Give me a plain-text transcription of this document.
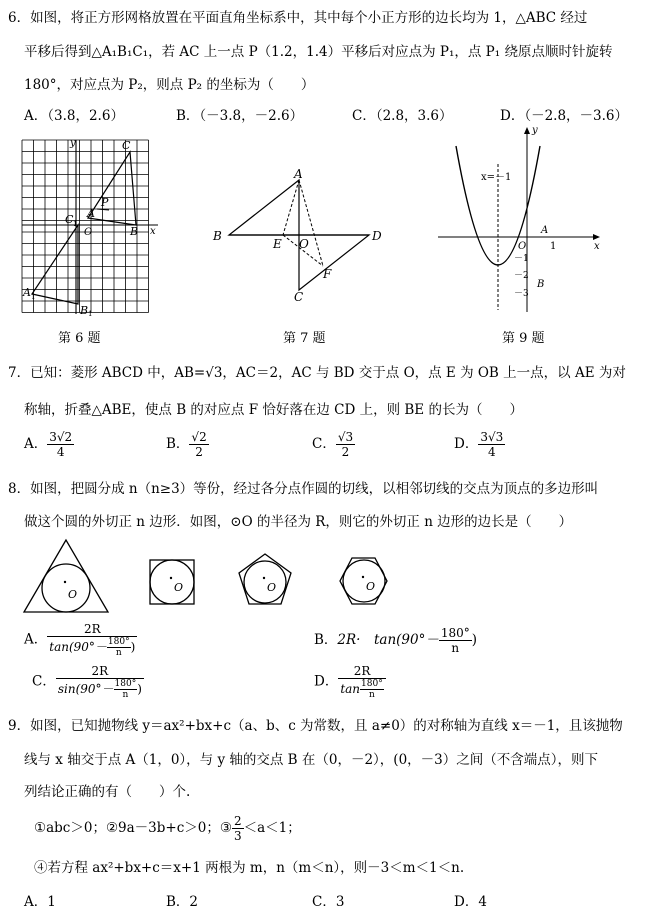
6．如图，将正方形网格放置在平面直角坐标系中，其中每个小正方形的边长均为 1，△ABC 经过
平移后得到△A₁B₁C₁，若 AC 上一点 P（1.2，1.4）平移后对应点为 P₁，点 P₁ 绕原点顺时针旋转
180°，对应点为 P₂，则点 P₂ 的坐标为（　　）
A．（3.8，2.6）	B．（－3.8，－2.6）	C．（2.8，3.6）	D．（－2.8，－3.6）
y
x
C
C 1
A
P
O	B
A 1
B 1
A
B	D
E O
F
C
y
x=－1
A
O 1	x
－1
－2
B
－3
第 6 题	第 7 题	第 9 题
7．已知：菱形 ABCD 中，AB=√3，AC＝2，AC 与 BD 交于点 O，点 E 为 OB 上一点，以 AE 为对
称轴，折叠△ABE，使点 B 的对应点 F 恰好落在边 CD 上，则 BE 的长为（　　）
A． $\frac{3√2}{4}$	B． $\frac{√2}{2}$	C． $\frac{√3}{2}$	D． $\frac{3√3}{4}$
8．如图，把圆分成 n（n≥3）等份，经过各分点作圆的切线，以相邻切线的交点为顶点的多边形叫
做这个圆的外切正 n 边形．如图，⊙O 的半径为 R，则它的外切正 n 边形的边长是（　　）
O
O	O	O
A． $\frac{2R}{\tan(90^\circ- \frac{180^\circ}{n} )}$	B．2R·　$\tan(90^\circ- \frac{180^\circ}{n}$ )
C． $\frac{2R}{\sin(90^\circ- \frac{180^\circ}{n} )}$	D． $\frac{2R}{\tan \frac{180^\circ}{n}}$
9．如图，已知抛物线 y＝ax²+bx+c（a、b、c 为常数，且 a≠0）的对称轴为直线 x＝－1，且该抛物
线与 x 轴交于点 A（1，0），与 y 轴的交点 B 在（0，－2），(0，－3）之间（不含端点），则下
列结论正确的有（　　）个.
①abc＞0；②9a－3b+c＞0；③ $\frac{2}{3} <a<1$；
④若方程 ax²+bx+c＝x+1 两根为 m，n（m＜n），则－3＜m＜1＜n.
A．1	B．2	C．3	D．4
